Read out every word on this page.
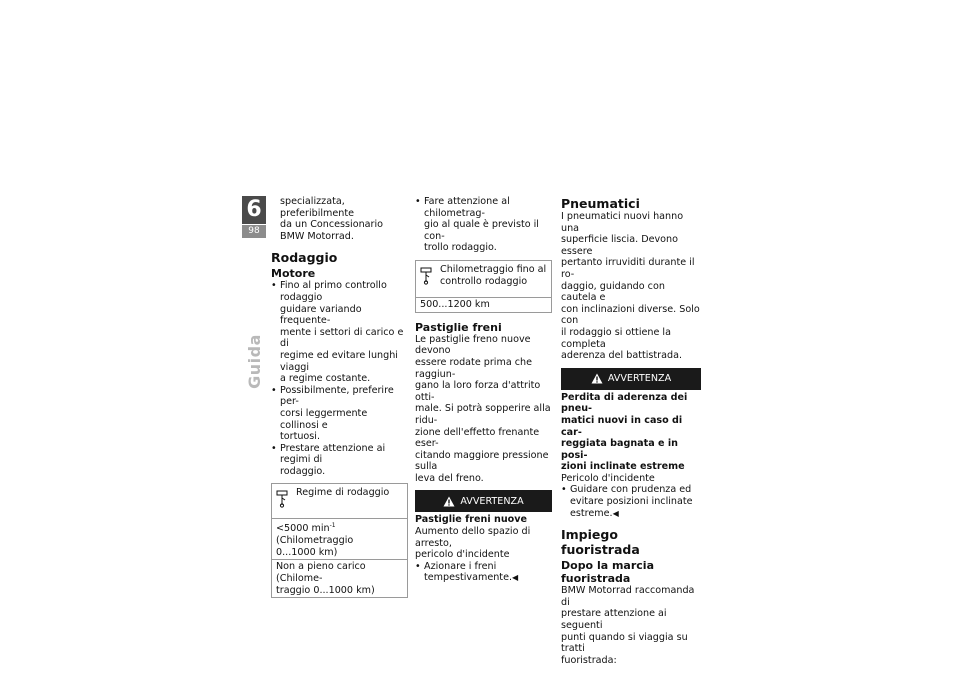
6
98
Guida

specializzata, preferibilmente

da un Concessionario

BMW Motorrad.

Rodaggio
Motore
• Fino al primo controllo rodaggio

guidare variando frequente-

mente i settori di carico e di

regime ed evitare lunghi viaggi

a regime costante.

• Possibilmente, preferire per-

corsi leggermente collinosi e

tortuosi.

• Prestare attenzione ai regimi di

rodaggio.

Regime di rodaggio

<5000 $\min^{-1}$ (Chilometraggio

0...1000 km)

Non a pieno carico (Chilome-

traggio 0...1000 km)

• Fare attenzione al chilometrag-

gio al quale è previsto il con-

trollo rodaggio.

Chilometraggio fino al

controllo rodaggio

500...1200 km

Pastiglie freni

Le pastiglie freno nuove devono

essere rodate prima che raggiun-

gano la loro forza d'attrito otti-

male. Si potrà sopperire alla ridu-

zione dell'effetto frenante eser-

citando maggiore pressione sulla

leva del freno.

AVVERTENZA

Pastiglie freni nuove

Aumento dello spazio di arresto,

pericolo d'incidente

• Azionare i freni

tempestivamente.◀

Pneumatici

I pneumatici nuovi hanno una

superficie liscia. Devono essere

pertanto irruviditi durante il ro-

daggio, guidando con cautela e

con inclinazioni diverse. Solo con

il rodaggio si ottiene la completa

aderenza del battistrada.

AVVERTENZA

Perdita di aderenza dei pneu-

matici nuovi in caso di car-

reggiata bagnata e in posi-

zioni inclinate estreme

Pericolo d'incidente

• Guidare con prudenza ed

evitare posizioni inclinate

estreme.◀

Impiego fuoristrada
Dopo la marcia fuoristrada

BMW Motorrad raccomanda di

prestare attenzione ai seguenti

punti quando si viaggia su tratti

fuoristrada:
